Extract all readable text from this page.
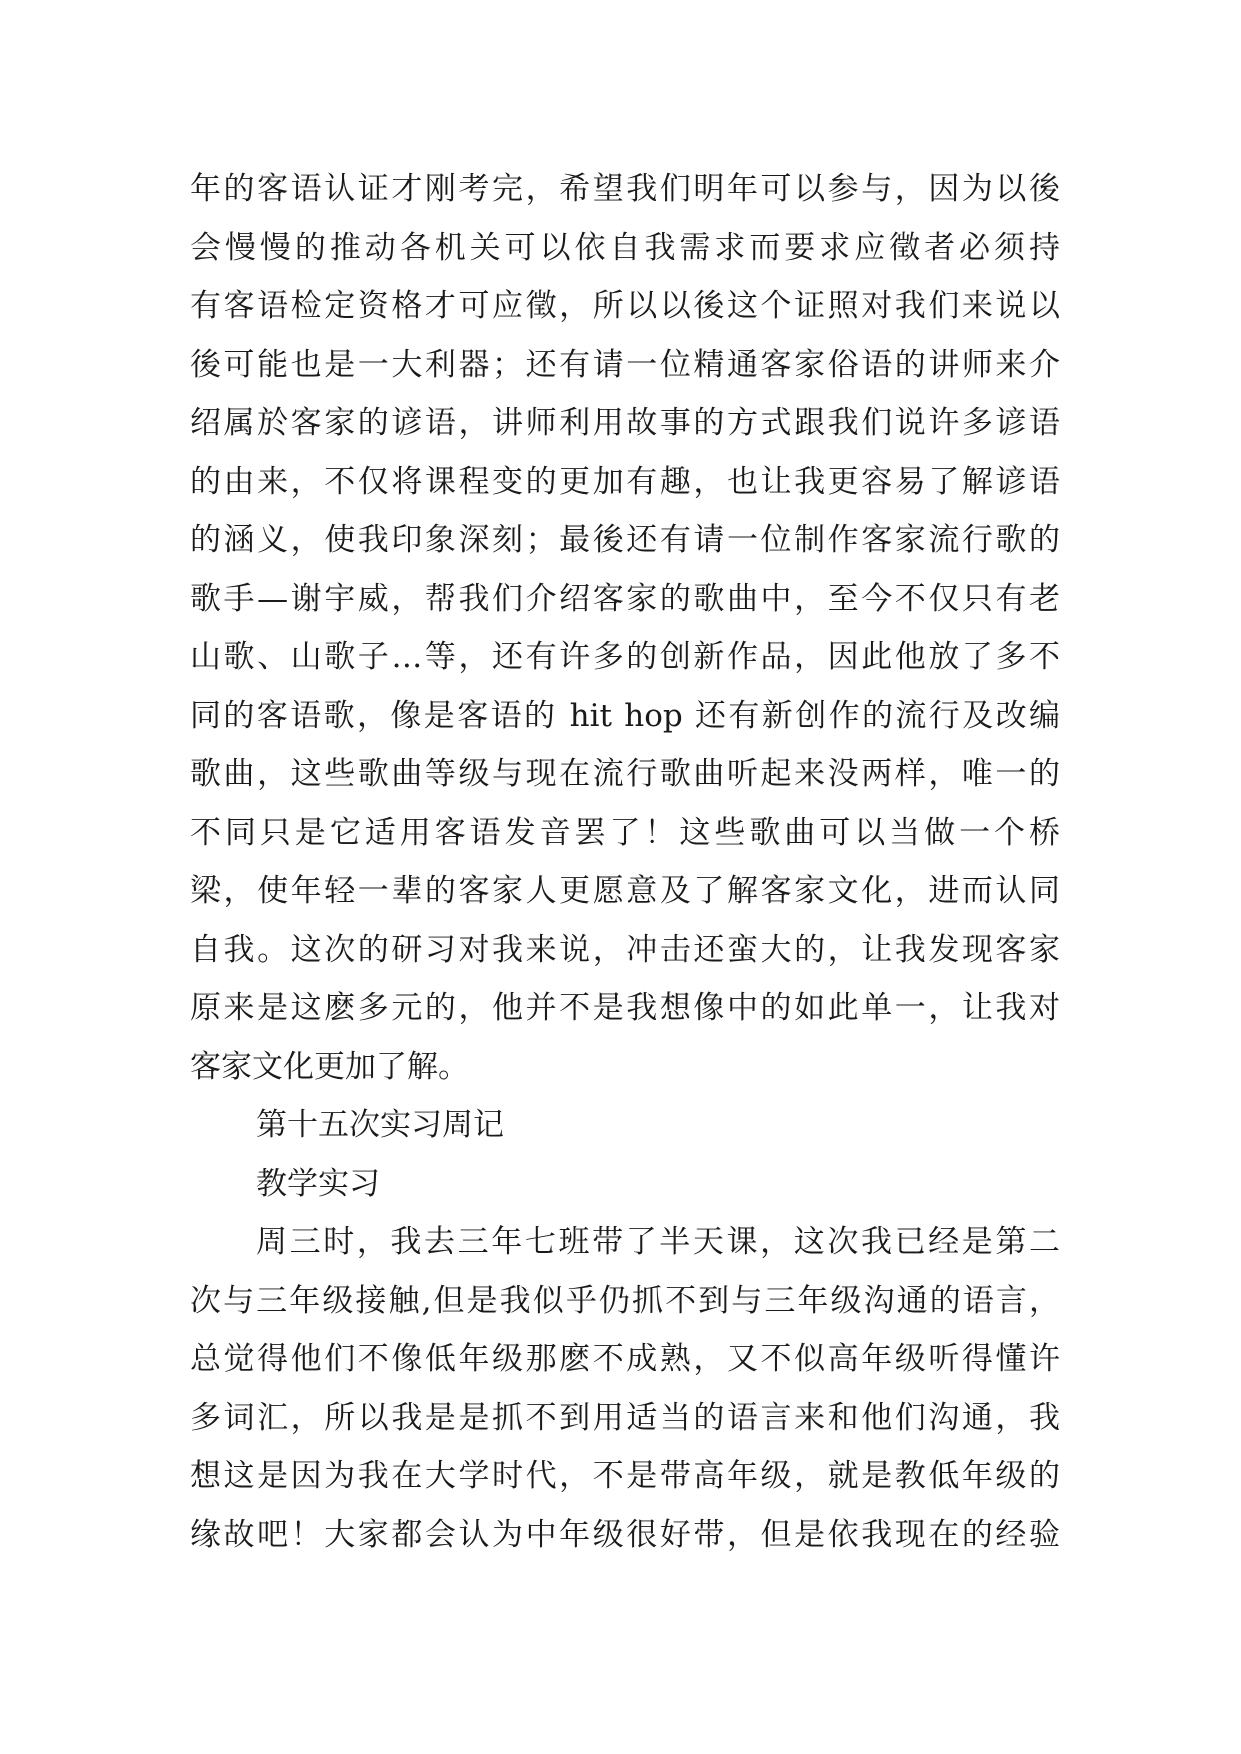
年的客语认证才刚考完，希望我们明年可以参与，因为以後
会慢慢的推动各机关可以依自我需求而要求应徵者必须持
有客语检定资格才可应徵，所以以後这个证照对我们来说以
後可能也是一大利器；还有请一位精通客家俗语的讲师来介
绍属於客家的谚语，讲师利用故事的方式跟我们说许多谚语
的由来，不仅将课程变的更加有趣，也让我更容易了解谚语
的涵义，使我印象深刻；最後还有请一位制作客家流行歌的
歌手—谢宇威，帮我们介绍客家的歌曲中，至今不仅只有老
山歌、山歌子…等，还有许多的创新作品，因此他放了多不
同的客语歌，像是客语的 hit hop 还有新创作的流行及改编
歌曲，这些歌曲等级与现在流行歌曲听起来没两样，唯一的
不同只是它适用客语发音罢了！这些歌曲可以当做一个桥
梁，使年轻一辈的客家人更愿意及了解客家文化，进而认同
自我。这次的研习对我来说，冲击还蛮大的，让我发现客家
原来是这麽多元的，他并不是我想像中的如此单一，让我对
客家文化更加了解。
第十五次实习周记
教学实习
周三时，我去三年七班带了半天课，这次我已经是第二
次与三年级接触,但是我似乎仍抓不到与三年级沟通的语言，
总觉得他们不像低年级那麽不成熟，又不似高年级听得懂许
多词汇，所以我是是抓不到用适当的语言来和他们沟通，我
想这是因为我在大学时代，不是带高年级，就是教低年级的
缘故吧！大家都会认为中年级很好带，但是依我现在的经验
